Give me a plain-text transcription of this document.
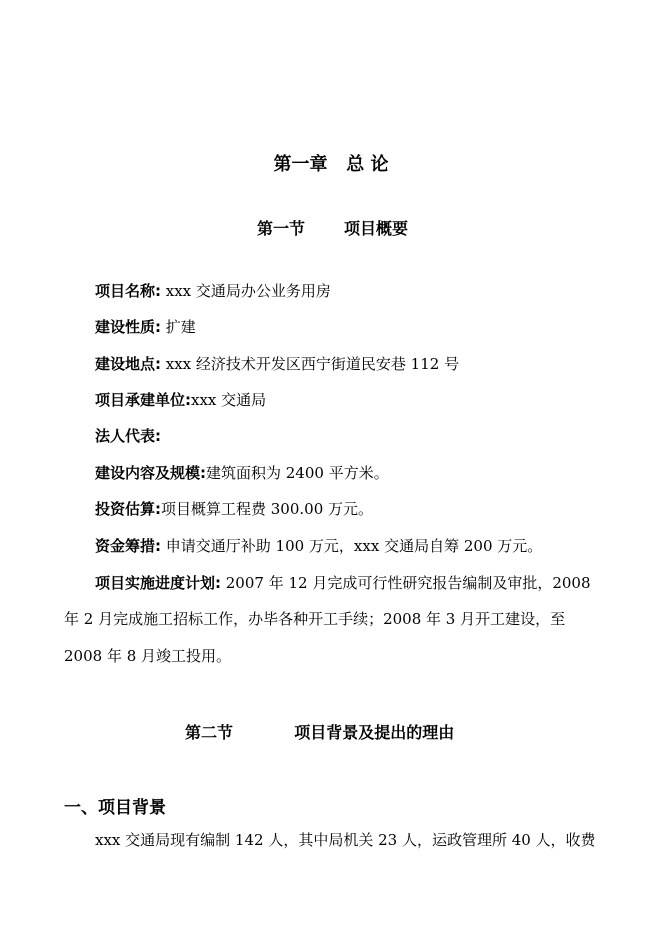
第一章   总 论
第一节       项目概要
项目名称: xxx 交通局办公业务用房
建设性质: 扩建
建设地点: xxx 经济技术开发区西宁街道民安巷 112 号
项目承建单位:xxx 交通局
法人代表:
建设内容及规模:建筑面积为 2400 平方米。
投资估算:项目概算工程费 300.00 万元。
资金筹措: 申请交通厅补助 100 万元，xxx 交通局自筹 200 万元。
项目实施进度计划: 2007 年 12 月完成可行性研究报告编制及审批，2008
年 2 月完成施工招标工作，办毕各种开工手续；2008 年 3 月开工建设，至
2008 年 8 月竣工投用。
第二节           项目背景及提出的理由
一、项目背景
xxx 交通局现有编制 142 人，其中局机关 23 人，运政管理所 40 人，收费
